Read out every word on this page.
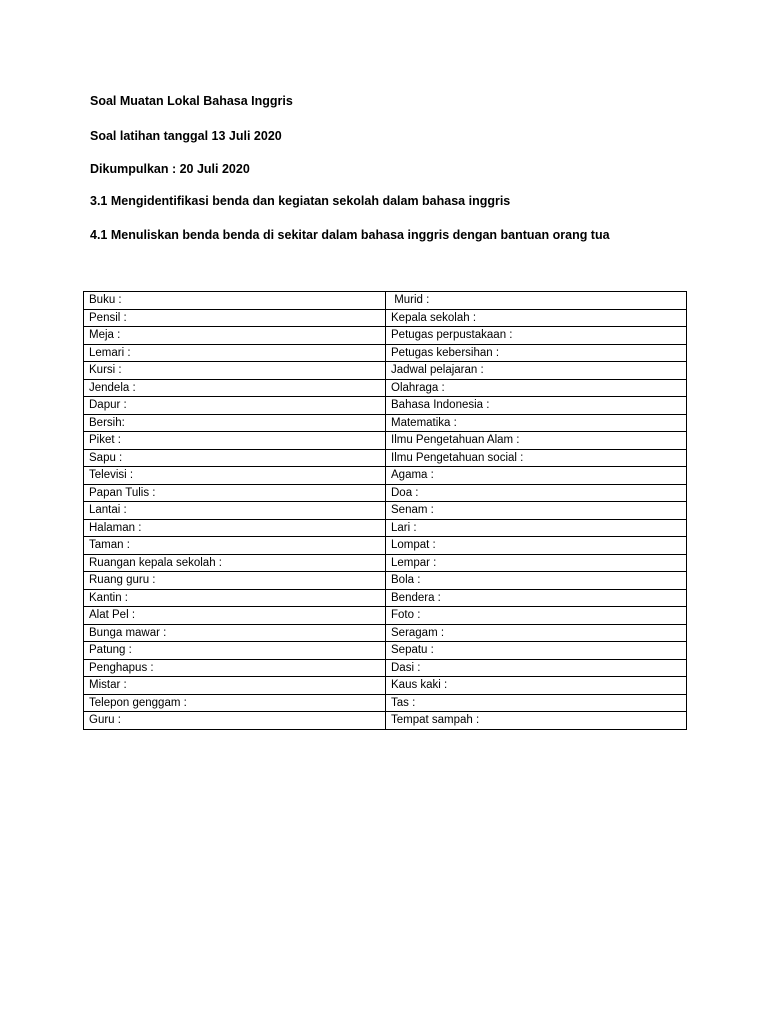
Soal Muatan Lokal Bahasa Inggris
Soal latihan tanggal 13 Juli 2020
Dikumpulkan : 20 Juli 2020
3.1 Mengidentifikasi benda dan kegiatan sekolah dalam bahasa inggris
4.1 Menuliskan benda benda di sekitar dalam bahasa inggris dengan bantuan orang tua
Buku :	Murid :
Pensil :	Kepala sekolah :
Meja :	Petugas perpustakaan :
Lemari :	Petugas kebersihan :
Kursi :	Jadwal pelajaran :
Jendela :	Olahraga :
Dapur :	Bahasa Indonesia :
Bersih:	Matematika :
Piket :	Ilmu Pengetahuan Alam :
Sapu :	Ilmu Pengetahuan social :
Televisi :	Agama :
Papan Tulis :	Doa :
Lantai :	Senam :
Halaman :	Lari :
Taman :	Lompat :
Ruangan kepala sekolah :	Lempar :
Ruang guru :	Bola :
Kantin :	Bendera :
Alat Pel :	Foto :
Bunga mawar :	Seragam :
Patung :	Sepatu :
Penghapus :	Dasi :
Mistar :	Kaus kaki :
Telepon genggam :	Tas :
Guru :	Tempat sampah :
